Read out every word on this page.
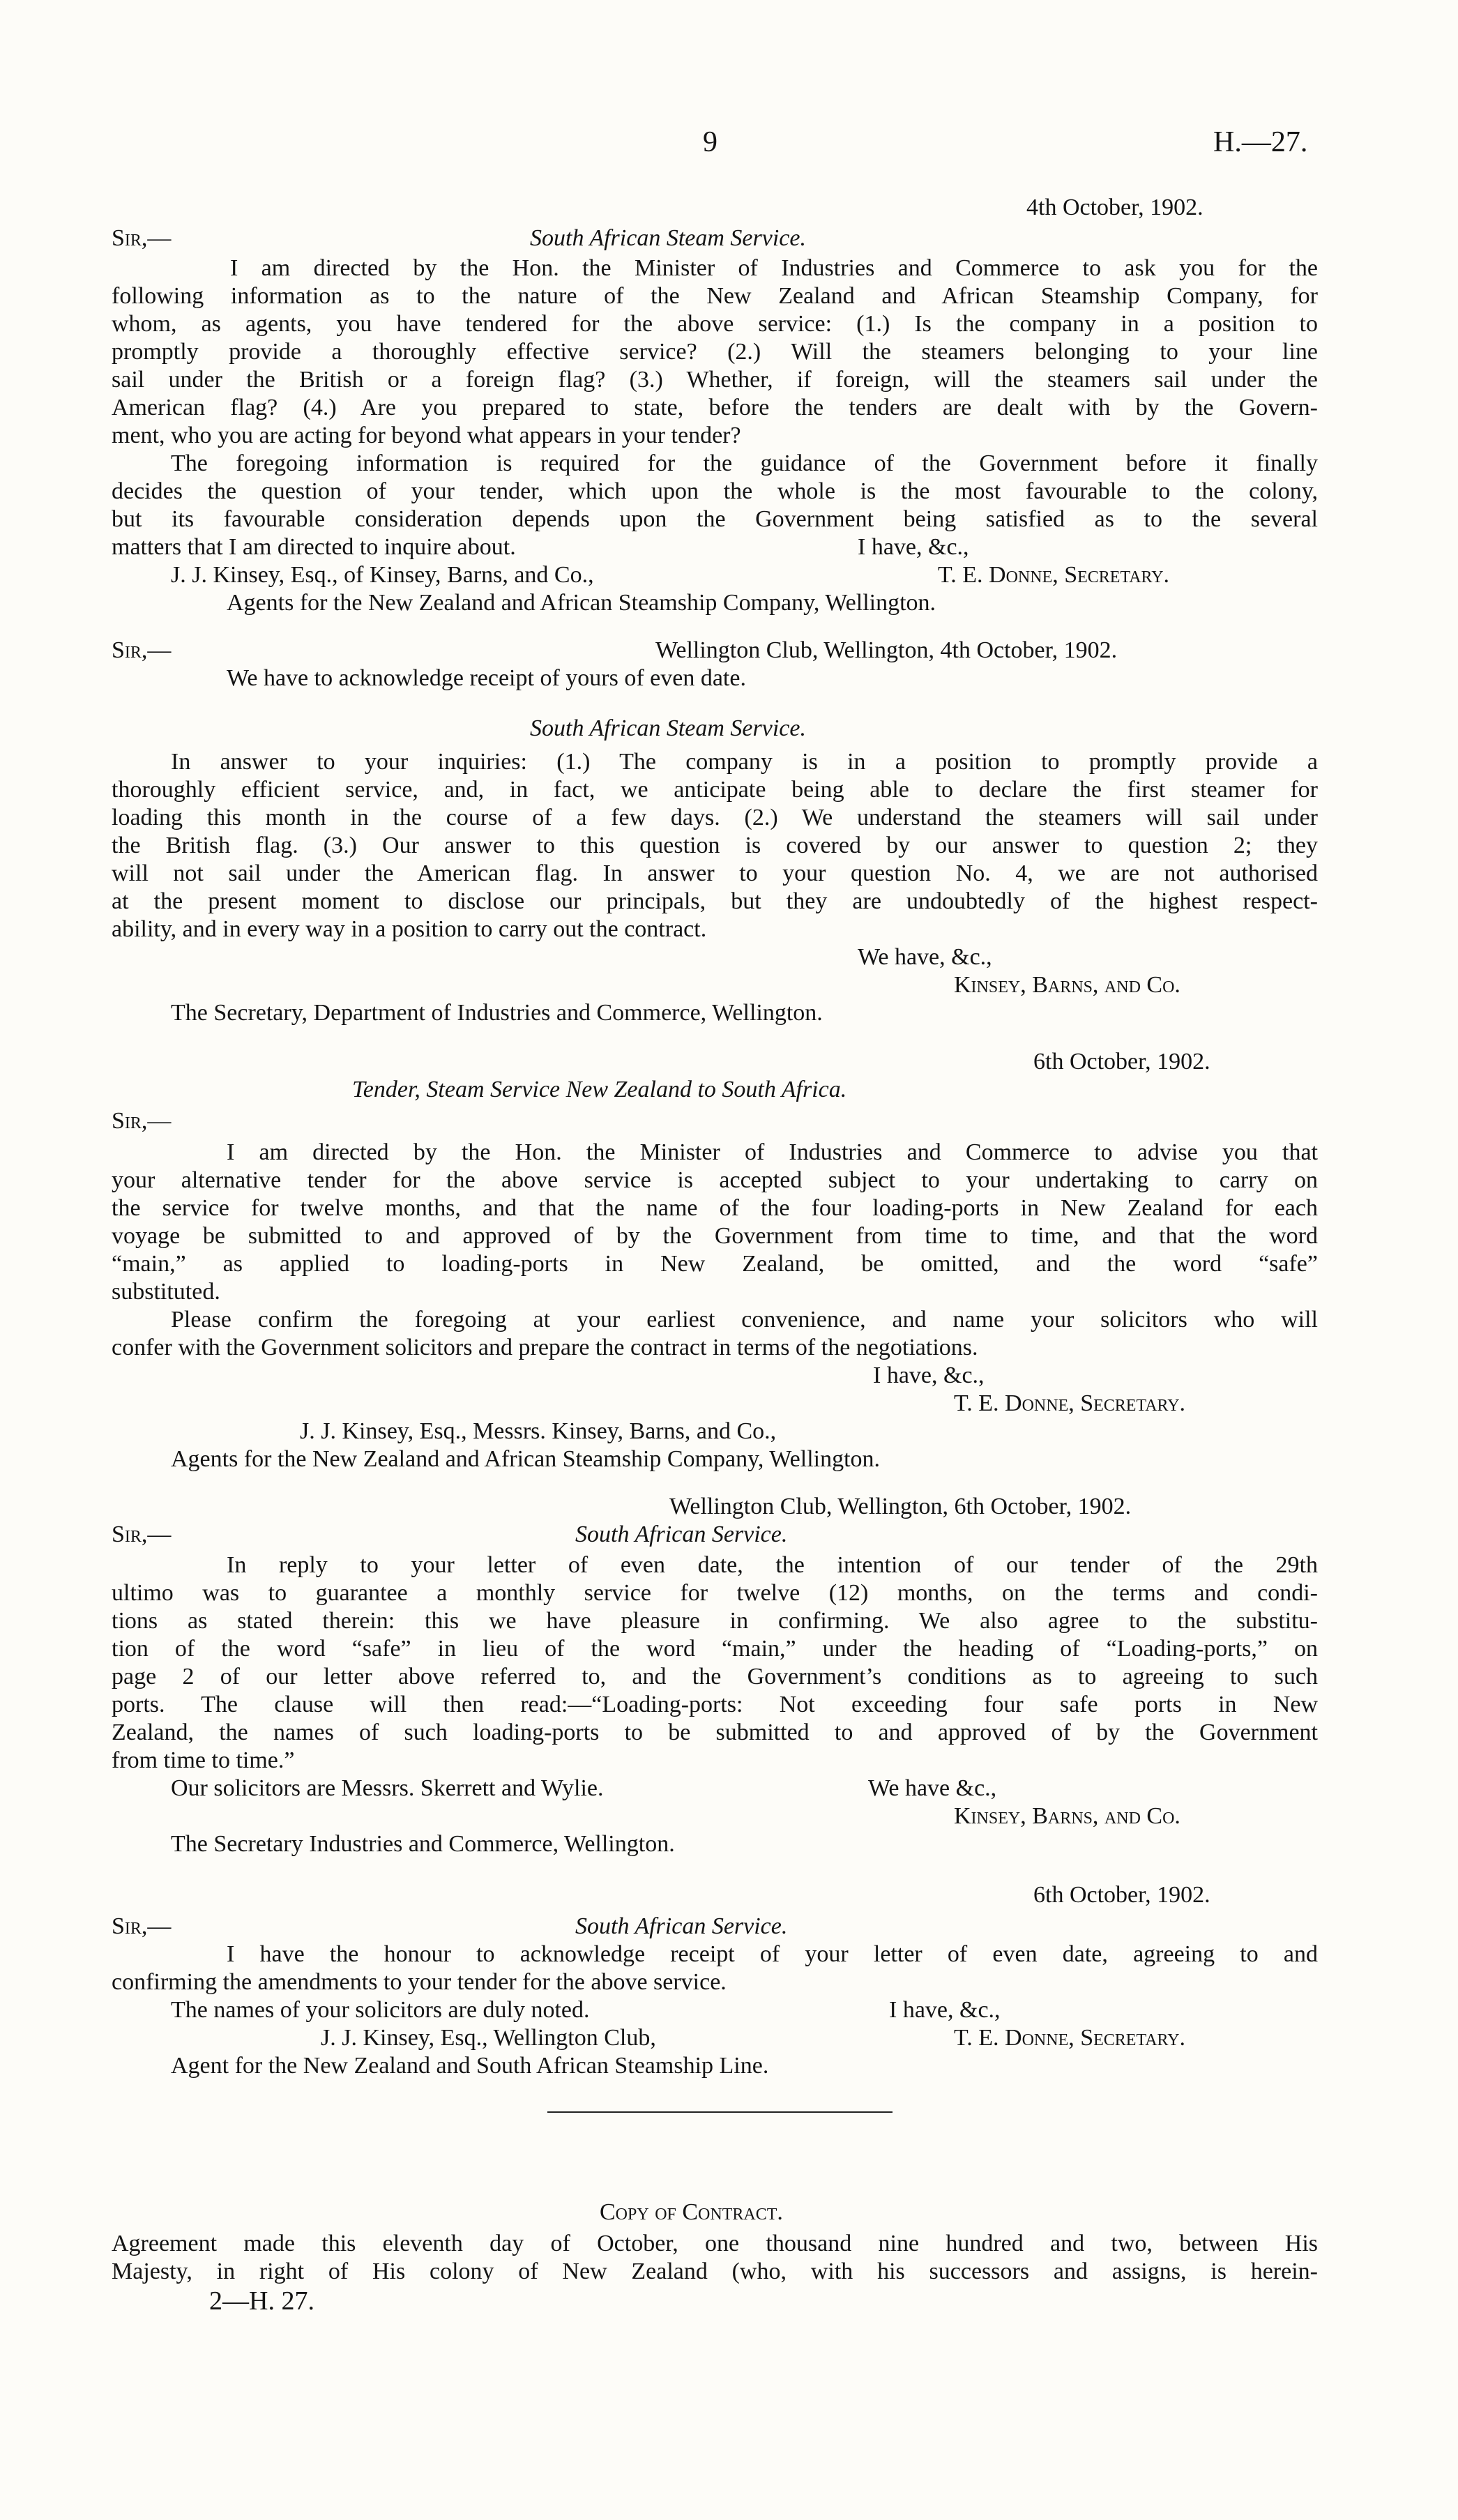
9	H.—27.
4th October, 1902.
Sir,—	South African Steam Service.
I am directed by the Hon. the Minister of Industries and Commerce to ask you for the
following information as to the nature of the New Zealand and African Steamship Company, for
whom, as agents, you have tendered for the above service: (1.) Is the company in a position to
promptly provide a thoroughly effective service? (2.) Will the steamers belonging to your line
sail under the British or a foreign flag? (3.) Whether, if foreign, will the steamers sail under the
American flag? (4.) Are you prepared to state, before the tenders are dealt with by the Govern-
ment, who you are acting for beyond what appears in your tender?
The foregoing information is required for the guidance of the Government before it finally
decides the question of your tender, which upon the whole is the most favourable to the colony,
but its favourable consideration depends upon the Government being satisfied as to the several
matters that I am directed to inquire about.	I have, &c.,
J. J. Kinsey, Esq., of Kinsey, Barns, and Co.,	T. E. Donne, Secretary.
Agents for the New Zealand and African Steamship Company, Wellington.
Sir,—	Wellington Club, Wellington, 4th October, 1902.
We have to acknowledge receipt of yours of even date.
South African Steam Service.
In answer to your inquiries: (1.) The company is in a position to promptly provide a
thoroughly efficient service, and, in fact, we anticipate being able to declare the first steamer for
loading this month in the course of a few days. (2.) We understand the steamers will sail under
the British flag. (3.) Our answer to this question is covered by our answer to question 2; they
will not sail under the American flag. In answer to your question No. 4, we are not authorised
at the present moment to disclose our principals, but they are undoubtedly of the highest respect-
ability, and in every way in a position to carry out the contract.
We have, &c.,
Kinsey, Barns, and Co.
The Secretary, Department of Industries and Commerce, Wellington.
6th October, 1902.
Tender, Steam Service New Zealand to South Africa.
Sir,—
I am directed by the Hon. the Minister of Industries and Commerce to advise you that
your alternative tender for the above service is accepted subject to your undertaking to carry on
the service for twelve months, and that the name of the four loading-ports in New Zealand for each
voyage be submitted to and approved of by the Government from time to time, and that the word
“main,” as applied to loading-ports in New Zealand, be omitted, and the word “safe”
substituted.
Please confirm the foregoing at your earliest convenience, and name your solicitors who will
confer with the Government solicitors and prepare the contract in terms of the negotiations.
I have, &c.,
T. E. Donne, Secretary.
J. J. Kinsey, Esq., Messrs. Kinsey, Barns, and Co.,
Agents for the New Zealand and African Steamship Company, Wellington.
Wellington Club, Wellington, 6th October, 1902.
Sir,—	South African Service.
In reply to your letter of even date, the intention of our tender of the 29th
ultimo was to guarantee a monthly service for twelve (12) months, on the terms and condi-
tions as stated therein: this we have pleasure in confirming. We also agree to the substitu-
tion of the word “safe” in lieu of the word “main,” under the heading of “Loading-ports,” on
page 2 of our letter above referred to, and the Government’s conditions as to agreeing to such
ports. The clause will then read:—“Loading-ports: Not exceeding four safe ports in New
Zealand, the names of such loading-ports to be submitted to and approved of by the Government
from time to time.”
Our solicitors are Messrs. Skerrett and Wylie.	We have &c.,
Kinsey, Barns, and Co.
The Secretary Industries and Commerce, Wellington.
6th October, 1902.
Sir,—	South African Service.
I have the honour to acknowledge receipt of your letter of even date, agreeing to and
confirming the amendments to your tender for the above service.
The names of your solicitors are duly noted.	I have, &c.,
J. J. Kinsey, Esq., Wellington Club,	T. E. Donne, Secretary.
Agent for the New Zealand and South African Steamship Line.
Copy of Contract.
Agreement made this eleventh day of October, one thousand nine hundred and two, between His
Majesty, in right of His colony of New Zealand (who, with his successors and assigns, is herein-
2—H. 27.
